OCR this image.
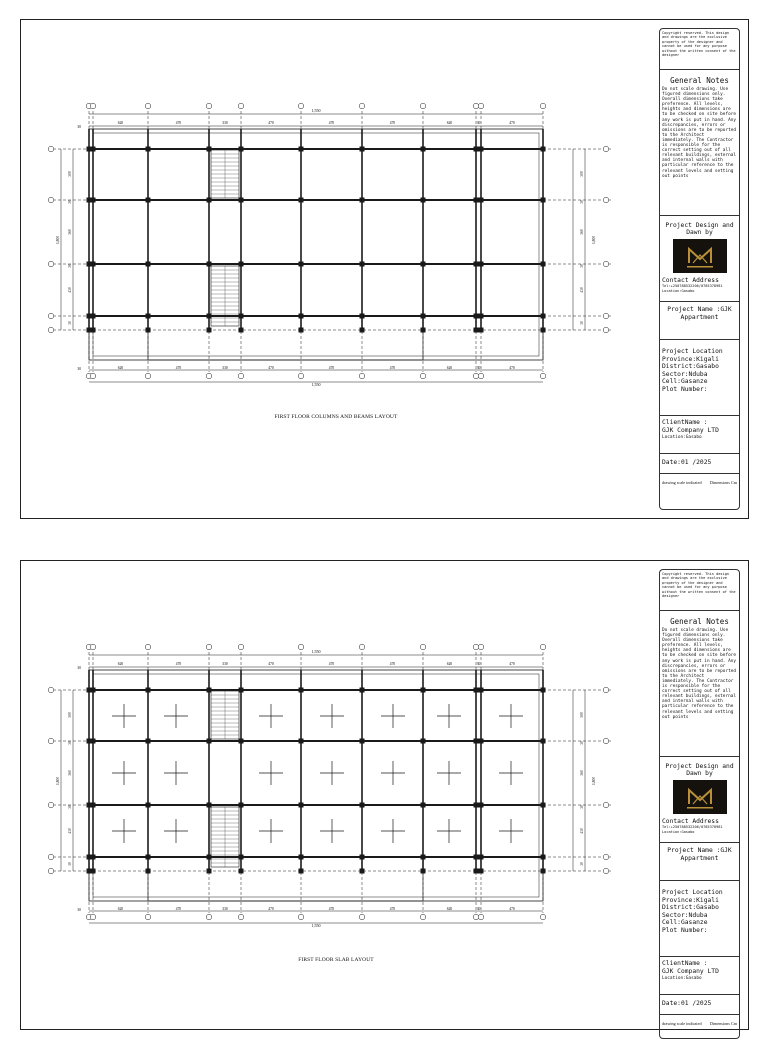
1,550
1,550
620	470	330	470	470	470	620	30	470
620	470	330	470	470	470	620	30	470
30
30
300	300
30	30
360	360
30	30
430	430
30	30
1,800	1,800
FIRST FLOOR COLUMNS AND BEAMS LAYOUT
Copyright reserved. This design and drawings are the exclusive property of the designer and cannot be used for any purpose without the written consent of the designer
General Notes
Do not scale drawing. Use figured dimensions only. Overall dimensions take preference. All levels, heights and dimensions are to be checked on site before any work is put in hand. Any discrepancies, errors or omissions are to be reported to the Architect immediately. The Contractor is responsible for the correct setting out of all relevant buildings, external and internal walls with particular reference to the relevant levels and setting out points
Project Design and Dawn by
Contact Address
Tel:+250788532206/0785378981
Location:Gasabo
Project Name :GJK Appartment
Project Location
Province:Kigali
District:Gasabo
Sector:Nduba
Cell:Gasanze
Plot Number:
ClientName :
GJK Company LTD
Location:Gasabo
Date:01 /2025
drawing scale indicated Dimensions Cm
1,550
1,550
620	470	330	470	470	470	620	30	470
620	470	330	470	470	470	620	30	470
30
30
300	300
30	30
360	360
30	30
430	430
30	30
1,800	1,800
FIRST FLOOR SLAB LAYOUT
Copyright reserved. This design and drawings are the exclusive property of the designer and cannot be used for any purpose without the written consent of the designer
General Notes
Do not scale drawing. Use figured dimensions only. Overall dimensions take preference. All levels, heights and dimensions are to be checked on site before any work is put in hand. Any discrepancies, errors or omissions are to be reported to the Architect immediately. The Contractor is responsible for the correct setting out of all relevant buildings, external and internal walls with particular reference to the relevant levels and setting out points
Project Design and Dawn by
Contact Address
Tel:+250788532206/0785378981
Location:Gasabo
Project Name :GJK Appartment
Project Location
Province:Kigali
District:Gasabo
Sector:Nduba
Cell:Gasanze
Plot Number:
ClientName :
GJK Company LTD
Location:Gasabo
Date:01 /2025
drawing scale indicated Dimensions Cm
